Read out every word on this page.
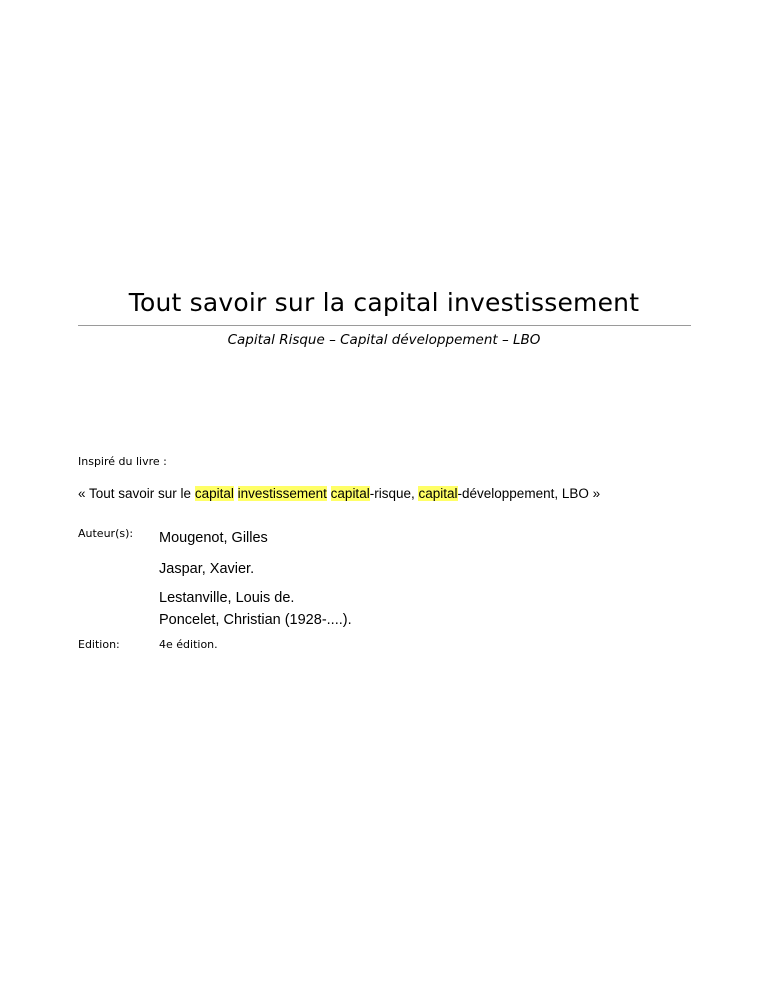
Tout savoir sur la capital investissement
Capital Risque – Capital développement – LBO
Inspiré du livre :
« Tout savoir sur le capital investissement capital-risque, capital-développement, LBO »
Auteur(s): Mougenot, Gilles
Jaspar, Xavier.
Lestanville, Louis de.
Poncelet, Christian (1928-....).
Edition:	4e édition.
